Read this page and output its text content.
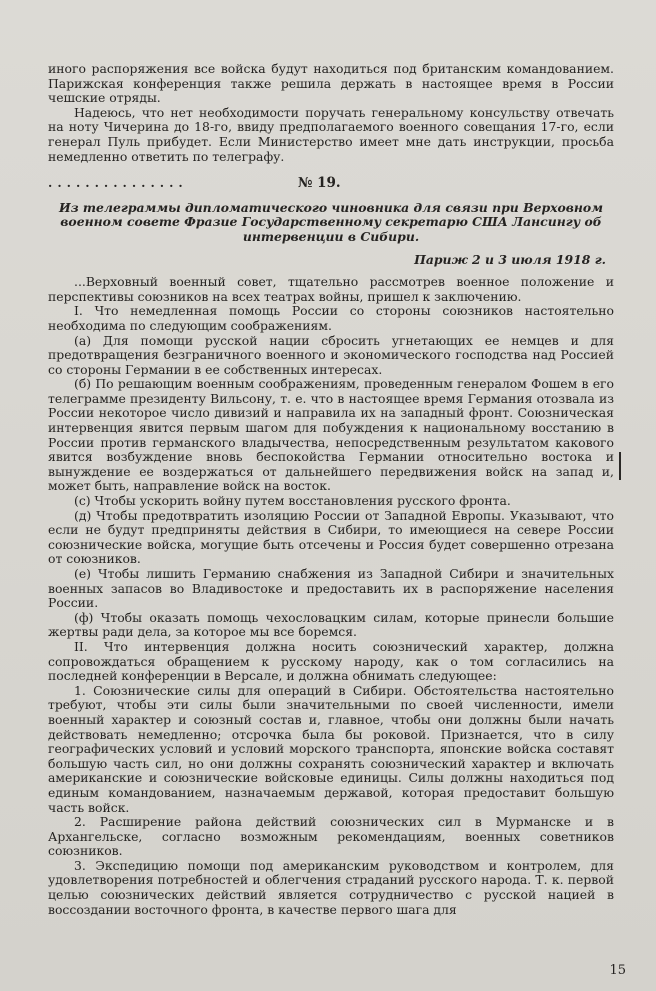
иного распоряжения все войска будут находиться под британским командованием. Парижская конференция также решила держать в настоящее время в России чешские отряды.

Надеюсь, что нет необходимости поручать генеральному консульству отвечать на ноту Чичерина до 18-го, ввиду предполагаемого военного совещания 17-го, если генерал Пуль прибудет. Если Министерство имеет мне дать инструкции, просьба немедленно ответить по телеграфу.

...............	№ 19.

Из телеграммы дипломатического чиновника для связи при Верховном военном совете Фразие Государственному секретарю США Лансингу об интервенции в Сибири.

Париж 2 и 3 июля 1918 г.

...Верховный военный совет, тщательно рассмотрев военное положение и перспективы союзников на всех театрах войны, пришел к заключению.

I. Что немедленная помощь России со стороны союзников настоятельно необходима по следующим соображениям.

(а) Для помощи русской нации сбросить угнетающих ее немцев и для предотвращения безграничного военного и экономического господства над Россией со стороны Германии в ее собственных интересах.

(б) По решающим военным соображениям, проведенным генералом Фошем в его телеграмме президенту Вильсону, т. е. что в настоящее время Германия отозвала из России некоторое число дивизий и направила их на западный фронт. Союзническая интервенция явится первым шагом для побуждения к национальному восстанию в России против германского владычества, непосредственным результатом какового явится возбуждение вновь беспокойства Германии относительно востока и вынуждение ее воздержаться от дальнейшего передвижения войск на запад и, может быть, направление войск на восток.

(с) Чтобы ускорить войну путем восстановления русского фронта.

(д) Чтобы предотвратить изоляцию России от Западной Европы. Указывают, что если не будут предприняты действия в Сибири, то имеющиеся на севере России союзнические войска, могущие быть отсечены и Россия будет совершенно отрезана от союзников.

(е) Чтобы лишить Германию снабжения из Западной Сибири и значительных военных запасов во Владивостоке и предоставить их в распоряжение населения России.

(ф) Чтобы оказать помощь чехословацким силам, которые принесли большие жертвы ради дела, за которое мы все боремся.

II. Что интервенция должна носить союзнический характер, должна сопровождаться обращением к русскому народу, как о том согласились на последней конференции в Версале, и должна обнимать следующее:

1. Союзнические силы для операций в Сибири. Обстоятельства настоятельно требуют, чтобы эти силы были значительными по своей численности, имели военный характер и союзный состав и, главное, чтобы они должны были начать действовать немедленно; отсрочка была бы роковой. Признается, что в силу географических условий и условий морского транспорта, японские войска составят большую часть сил, но они должны сохранять союзнический характер и включать американские и союзнические войсковые единицы. Силы должны находиться под единым командованием, назначаемым державой, которая предоставит большую часть войск.

2. Расширение района действий союзнических сил в Мурманске и в Архангельске, согласно возможным рекомендациям, военных советников союзников.

3. Экспедицию помощи под американским руководством и контролем, для удовлетворения потребностей и облегчения страданий русского народа. Т. к. первой целью союзнических действий является сотрудничество с русской нацией в воссоздании восточного фронта, в качестве первого шага для

15
